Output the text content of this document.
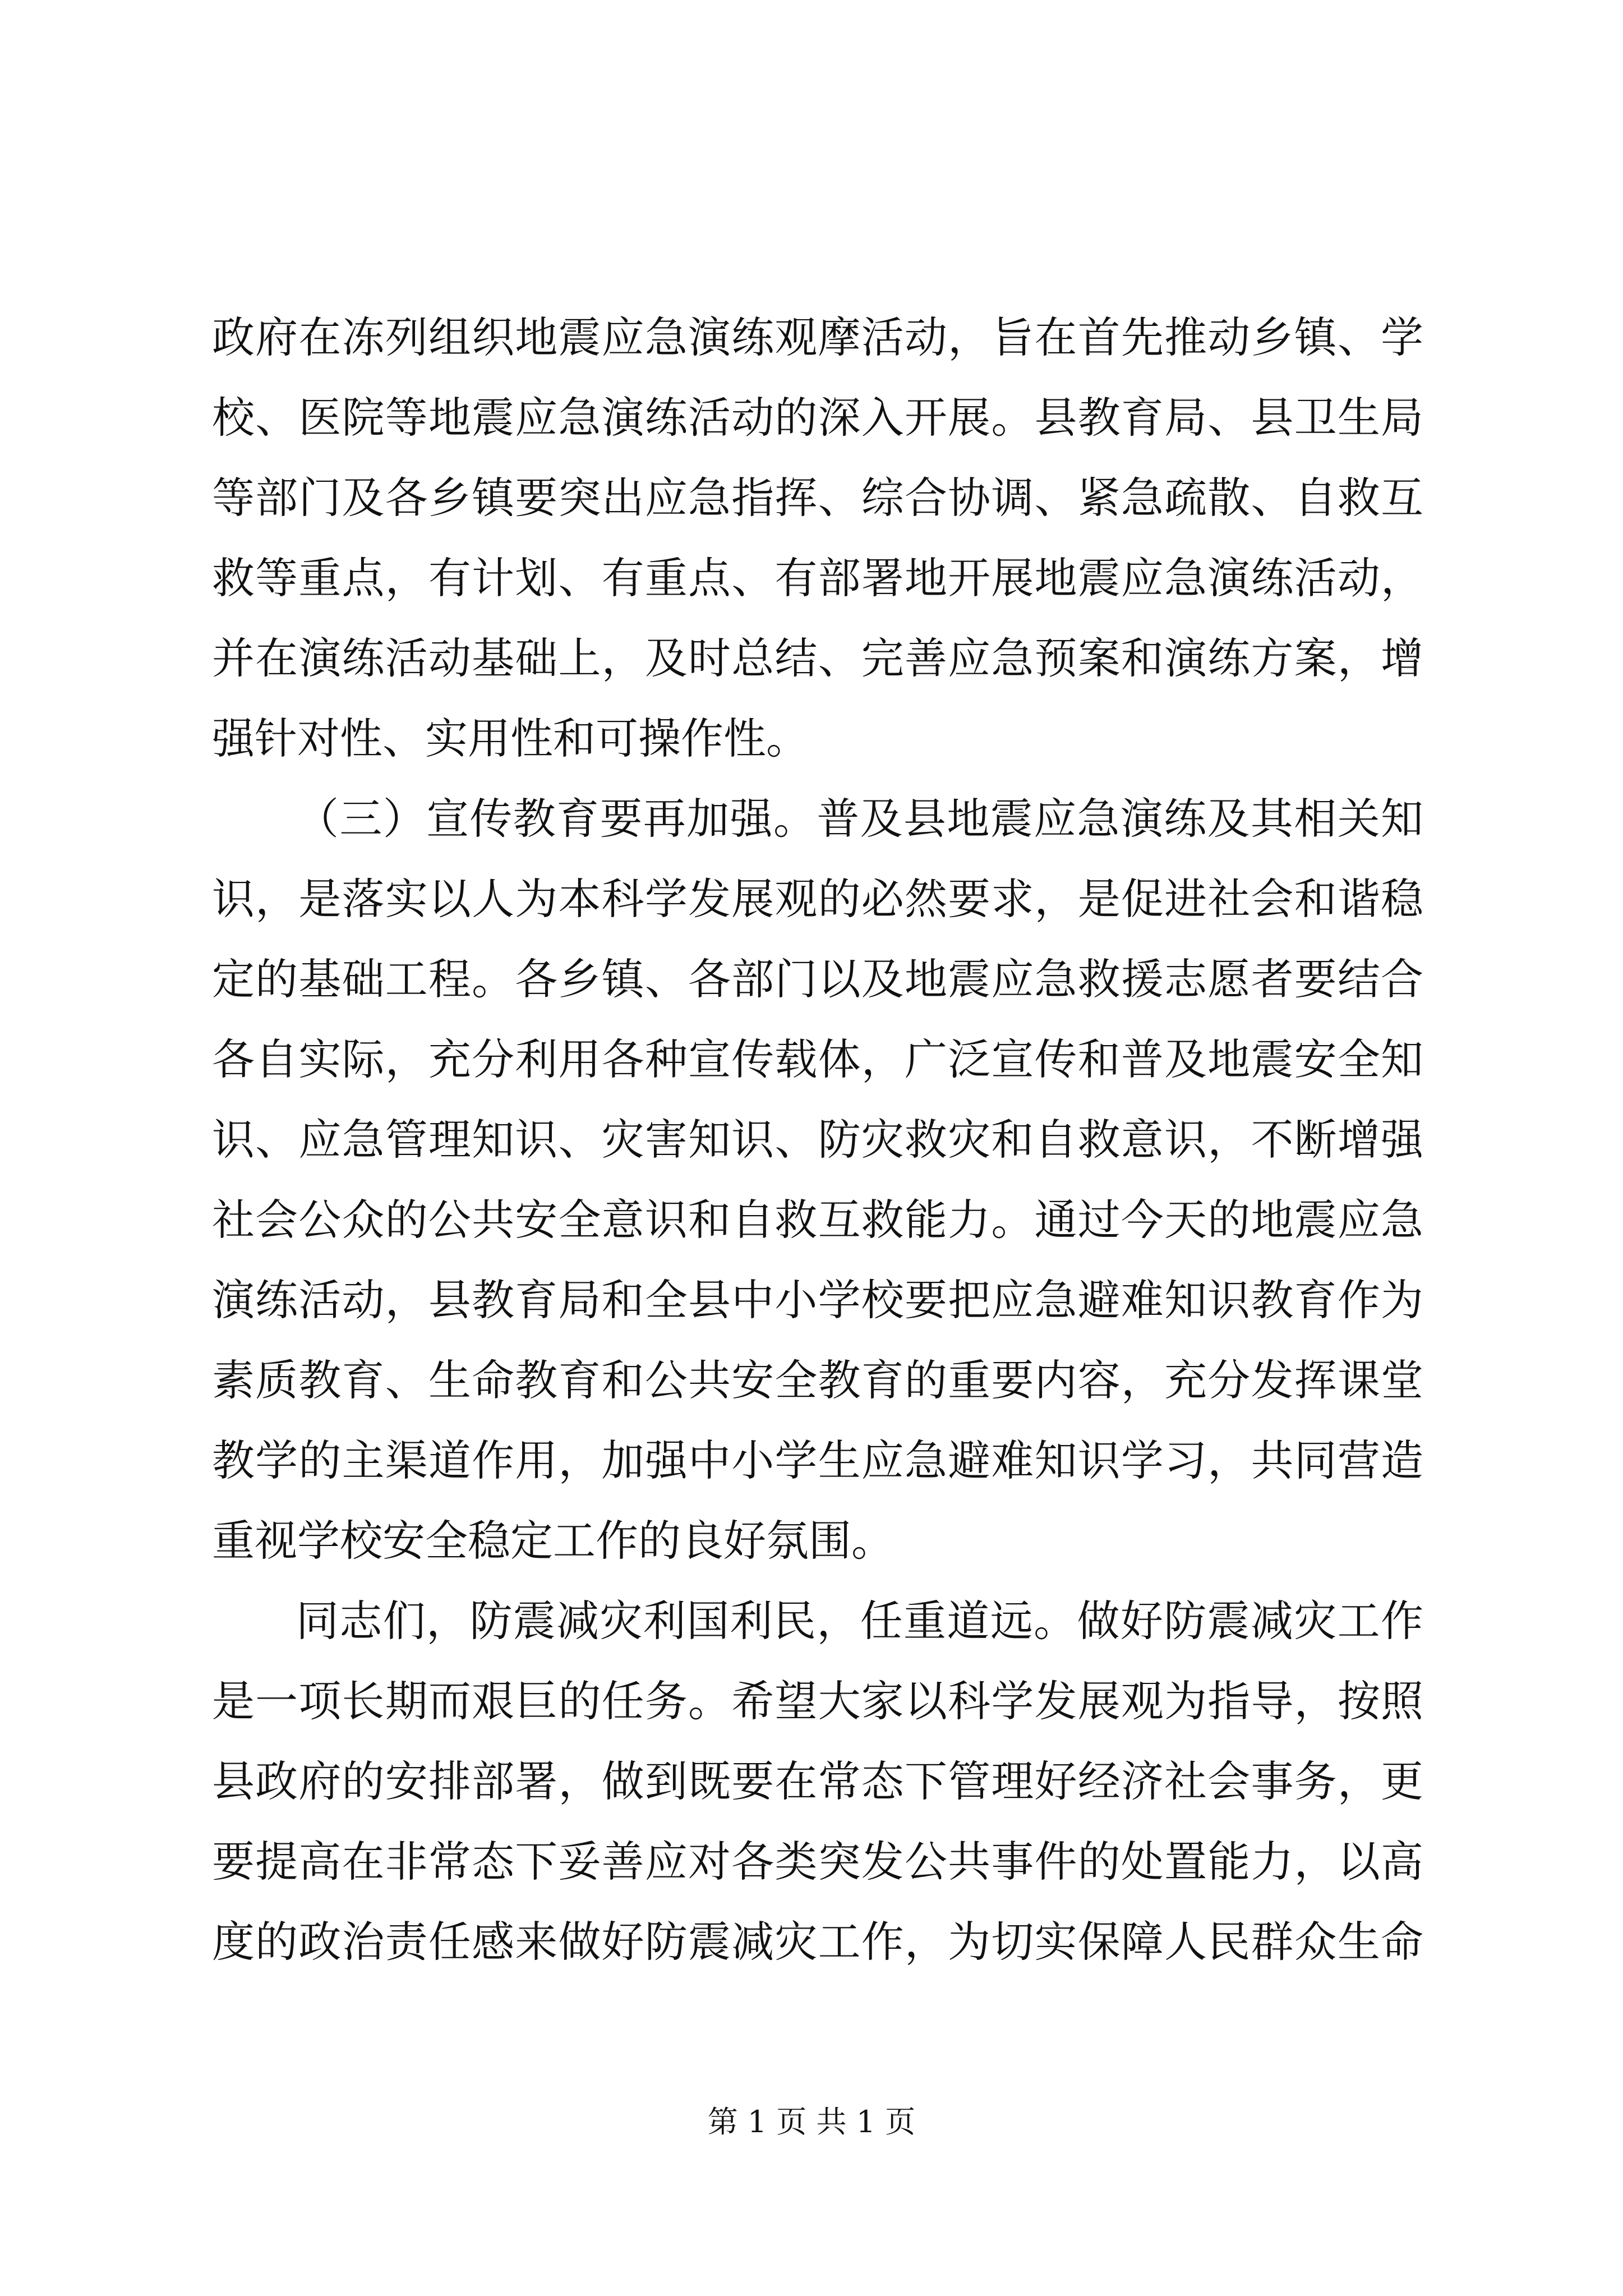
政府在冻列组织地震应急演练观摩活动，旨在首先推动乡镇、学
校、医院等地震应急演练活动的深入开展。县教育局、县卫生局
等部门及各乡镇要突出应急指挥、综合协调、紧急疏散、自救互
救等重点，有计划、有重点、有部署地开展地震应急演练活动，
并在演练活动基础上，及时总结、完善应急预案和演练方案，增
强针对性、实用性和可操作性。
（三）宣传教育要再加强。普及县地震应急演练及其相关知
识，是落实以人为本科学发展观的必然要求，是促进社会和谐稳
定的基础工程。各乡镇、各部门以及地震应急救援志愿者要结合
各自实际，充分利用各种宣传载体，广泛宣传和普及地震安全知
识、应急管理知识、灾害知识、防灾救灾和自救意识，不断增强
社会公众的公共安全意识和自救互救能力。通过今天的地震应急
演练活动，县教育局和全县中小学校要把应急避难知识教育作为
素质教育、生命教育和公共安全教育的重要内容，充分发挥课堂
教学的主渠道作用，加强中小学生应急避难知识学习，共同营造
重视学校安全稳定工作的良好氛围。
同志们，防震减灾利国利民，任重道远。做好防震减灾工作
是一项长期而艰巨的任务。希望大家以科学发展观为指导，按照
县政府的安排部署，做到既要在常态下管理好经济社会事务，更
要提高在非常态下妥善应对各类突发公共事件的处置能力，以高
度的政治责任感来做好防震减灾工作，为切实保障人民群众生命
第 1 页 共 1 页
